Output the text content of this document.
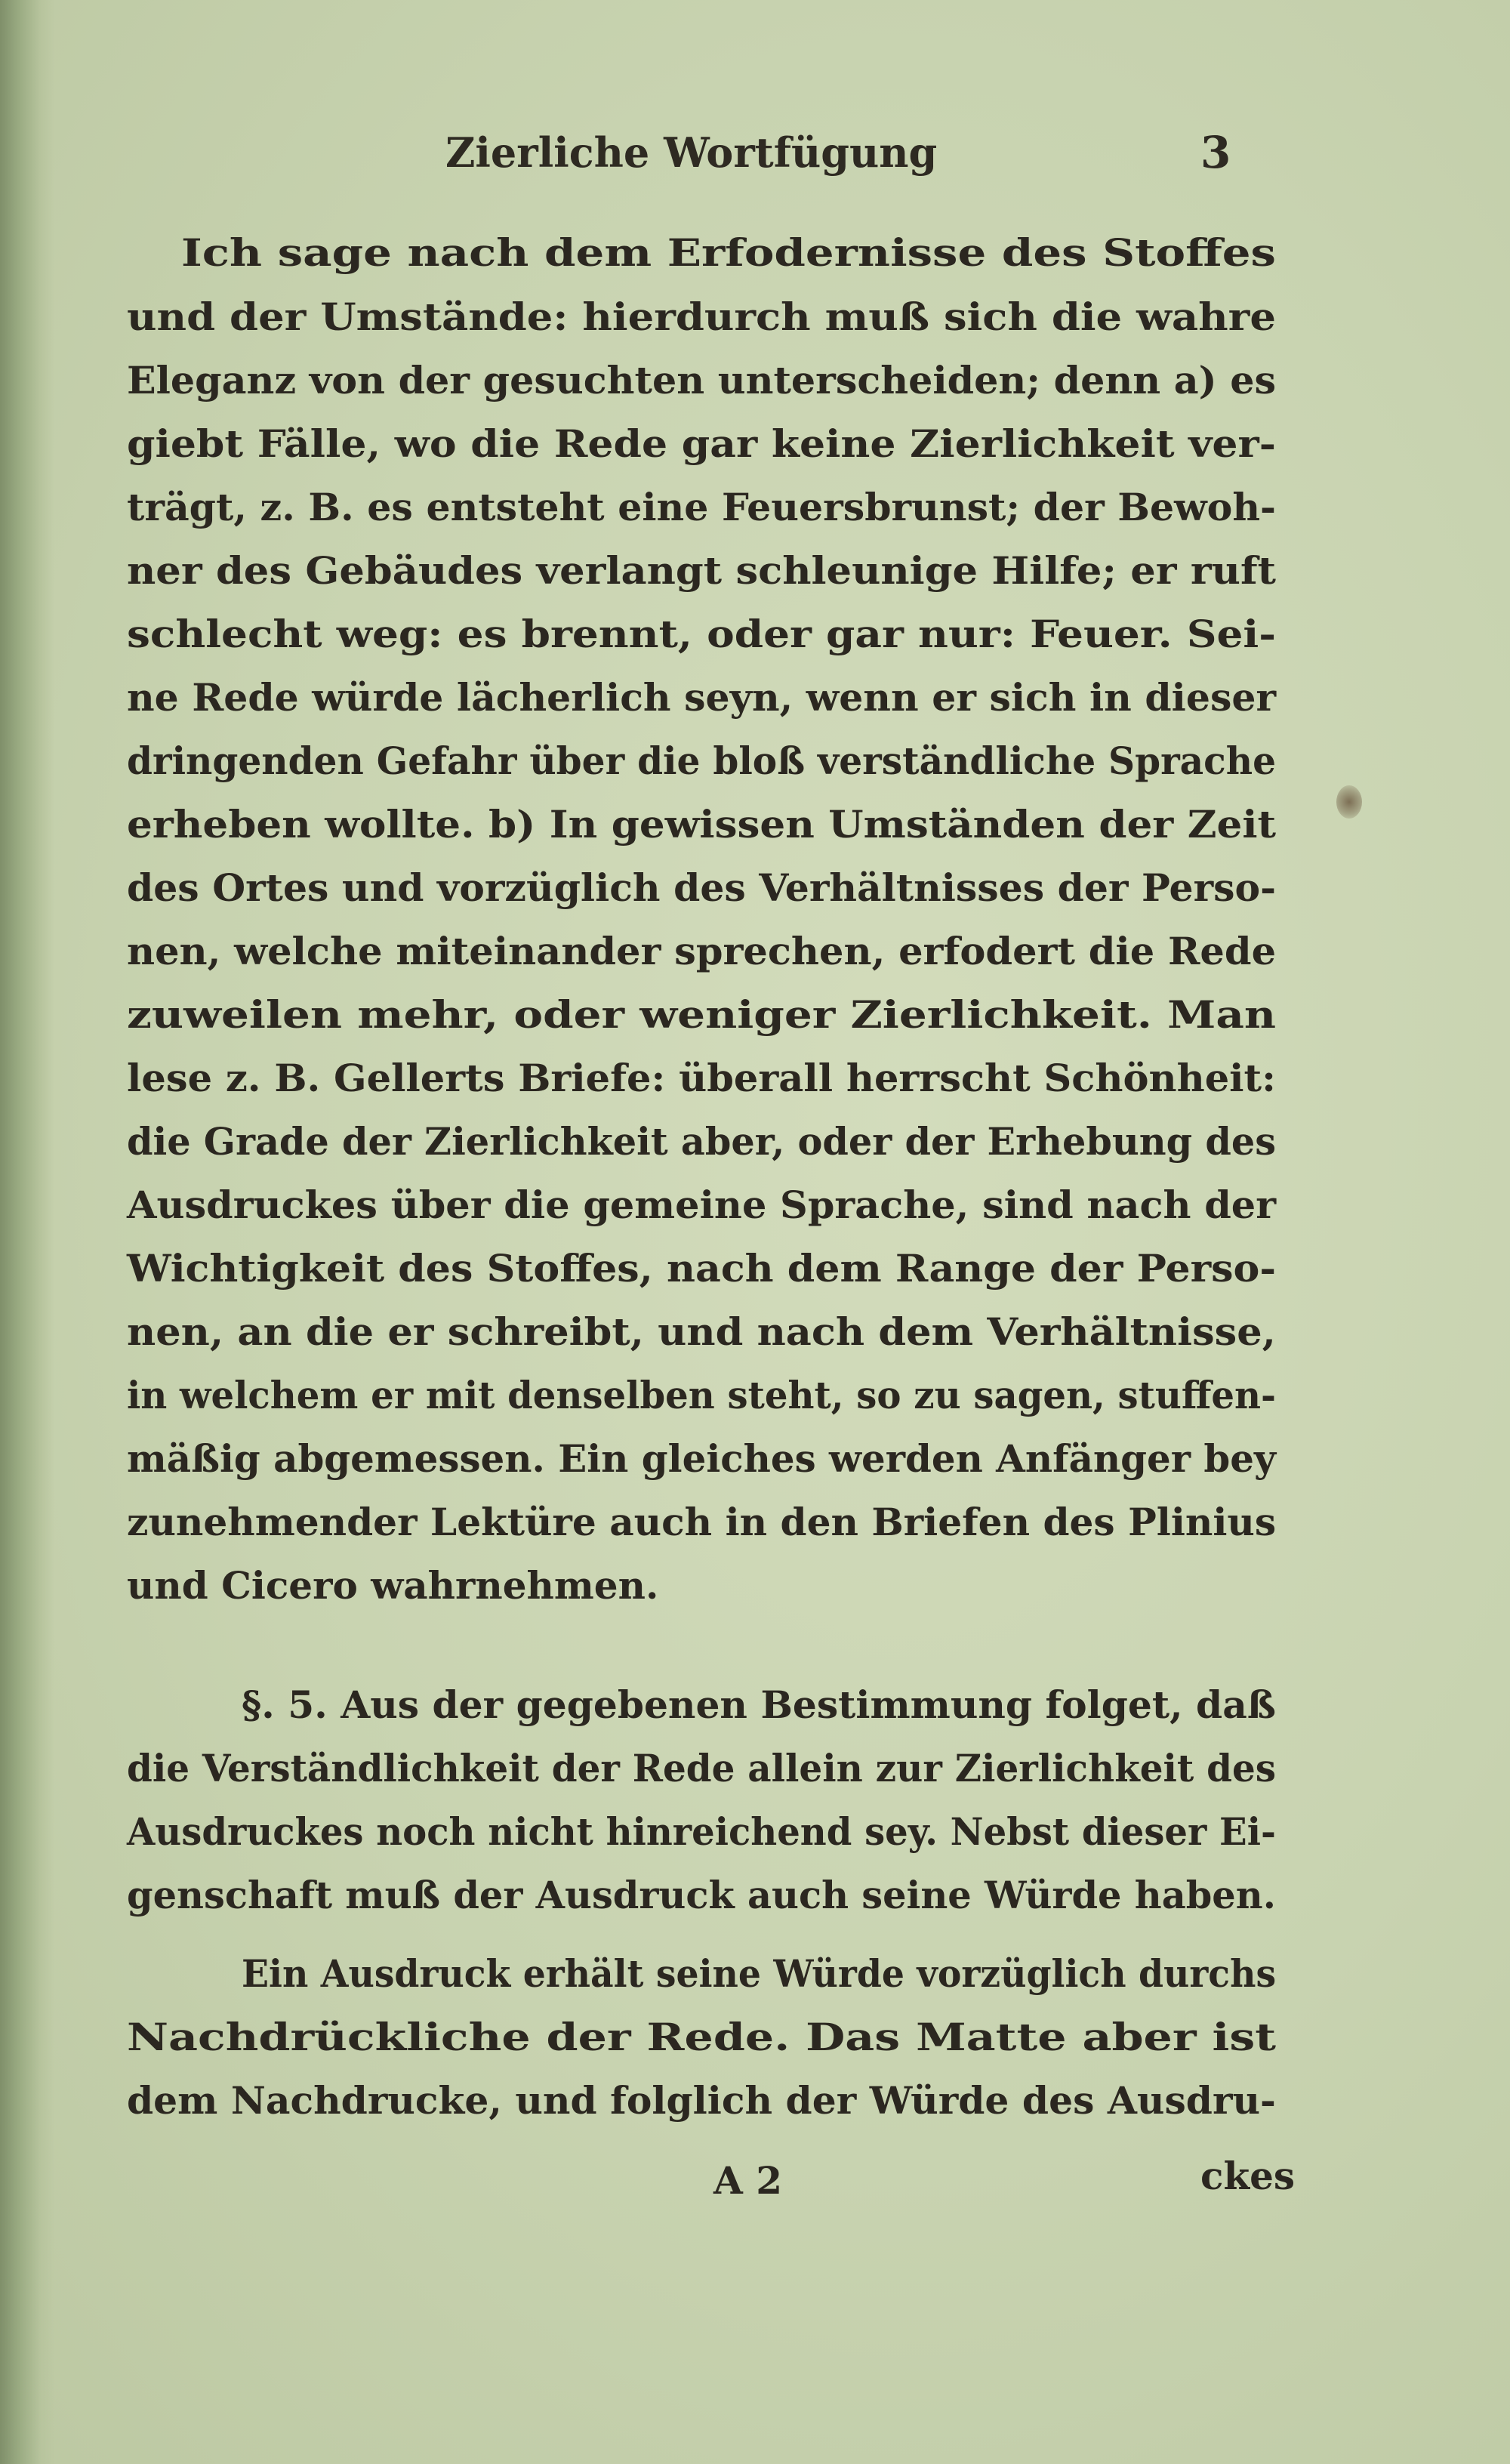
Zierliche Wortfügung	3
Ich sage nach dem Erfodernisse des Stoffes
und der Umstände: hierdurch muß sich die wahre
Eleganz von der gesuchten unterscheiden; denn a) es
giebt Fälle, wo die Rede gar keine Zierlichkeit ver-
trägt, z. B. es entsteht eine Feuersbrunst; der Bewoh-
ner des Gebäudes verlangt schleunige Hilfe; er ruft
schlecht weg: es brennt, oder gar nur: Feuer. Sei-
ne Rede würde lächerlich seyn, wenn er sich in dieser
dringenden Gefahr über die bloß verständliche Sprache
erheben wollte. b) In gewissen Umständen der Zeit
des Ortes und vorzüglich des Verhältnisses der Perso-
nen, welche miteinander sprechen, erfodert die Rede
zuweilen mehr, oder weniger Zierlichkeit. Man
lese z. B. Gellerts Briefe: überall herrscht Schönheit:
die Grade der Zierlichkeit aber, oder der Erhebung des
Ausdruckes über die gemeine Sprache, sind nach der
Wichtigkeit des Stoffes, nach dem Range der Perso-
nen, an die er schreibt, und nach dem Verhältnisse,
in welchem er mit denselben steht, so zu sagen, stuffen-
mäßig abgemessen. Ein gleiches werden Anfänger bey
zunehmender Lektüre auch in den Briefen des Plinius
und Cicero wahrnehmen.
§. 5. Aus der gegebenen Bestimmung folget, daß
die Verständlichkeit der Rede allein zur Zierlichkeit des
Ausdruckes noch nicht hinreichend sey. Nebst dieser Ei-
genschaft muß der Ausdruck auch seine Würde haben.
Ein Ausdruck erhält seine Würde vorzüglich durchs
Nachdrückliche der Rede. Das Matte aber ist
dem Nachdrucke, und folglich der Würde des Ausdru-
A 2	ckes
